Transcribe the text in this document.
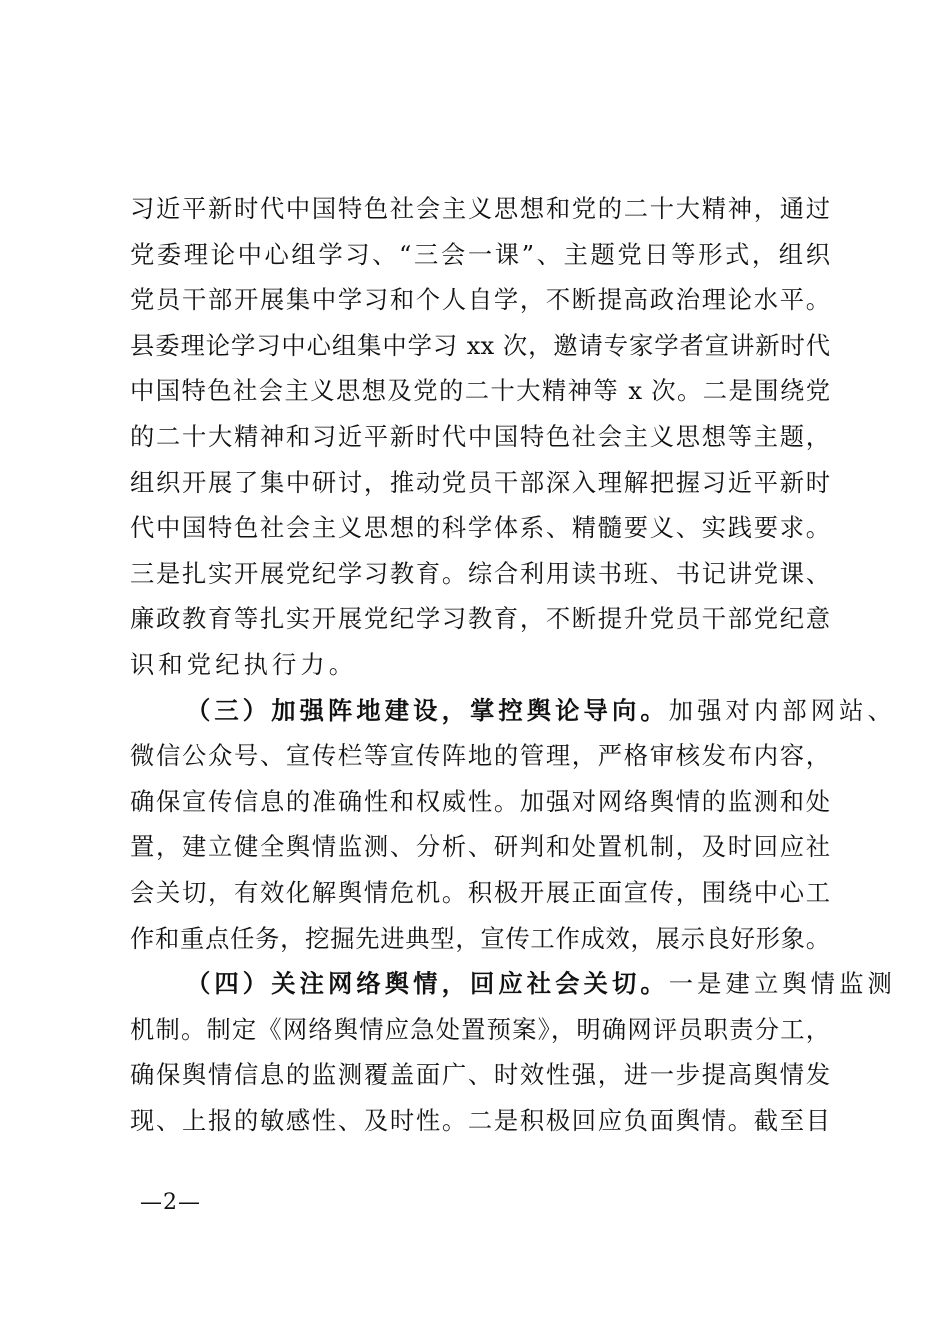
习近平新时代中国特色社会主义思想和党的二十大精神，通过
党委理论中心组学习、“三会一课”、主题党日等形式，组织
党员干部开展集中学习和个人自学，不断提高政治理论水平。
县委理论学习中心组集中学习 xx 次，邀请专家学者宣讲新时代
中国特色社会主义思想及党的二十大精神等 x 次。二是围绕党
的二十大精神和习近平新时代中国特色社会主义思想等主题，
组织开展了集中研讨，推动党员干部深入理解把握习近平新时
代中国特色社会主义思想的科学体系、精髓要义、实践要求。
三是扎实开展党纪学习教育。综合利用读书班、书记讲党课、
廉政教育等扎实开展党纪学习教育，不断提升党员干部党纪意
识和党纪执行力。
（三）加强阵地建设，掌控舆论导向。加强对内部网站、
微信公众号、宣传栏等宣传阵地的管理，严格审核发布内容，
确保宣传信息的准确性和权威性。加强对网络舆情的监测和处
置，建立健全舆情监测、分析、研判和处置机制，及时回应社
会关切，有效化解舆情危机。积极开展正面宣传，围绕中心工
作和重点任务，挖掘先进典型，宣传工作成效，展示良好形象。
（四）关注网络舆情，回应社会关切。一是建立舆情监测
机制。制定《网络舆情应急处置预案》，明确网评员职责分工，
确保舆情信息的监测覆盖面广、时效性强，进一步提高舆情发
现、上报的敏感性、及时性。二是积极回应负面舆情。截至目
—2—
